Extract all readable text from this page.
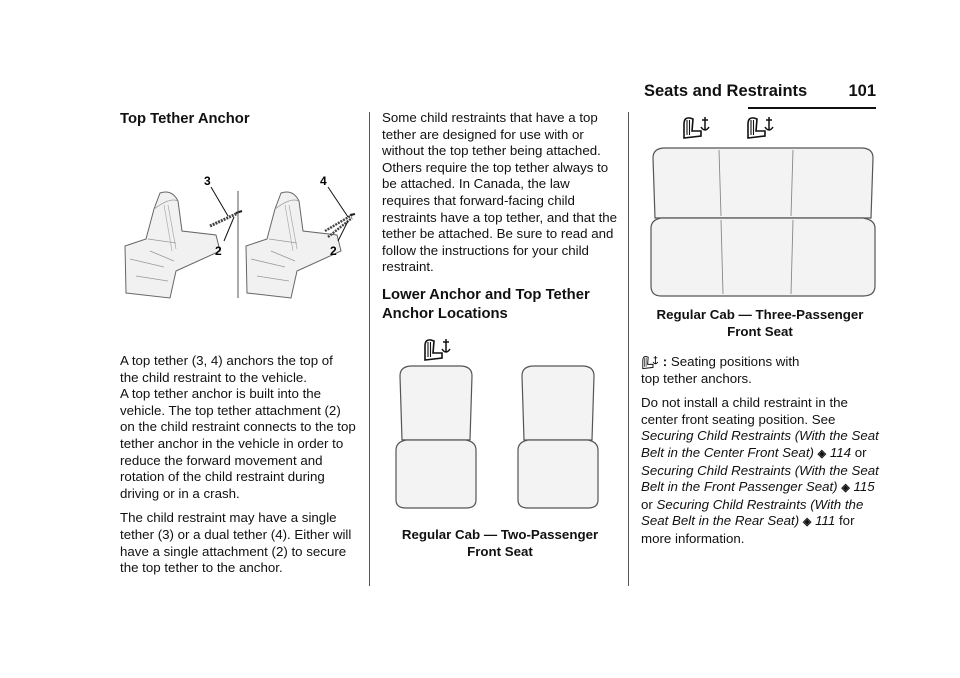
Seats and Restraints 101
Top Tether Anchor
3
2
4
2

A top tether (3, 4) anchors the top of
the child restraint to the vehicle.

A top tether anchor is built into the vehicle. The top tether attachment (2) on the child restraint connects to the top tether anchor in the vehicle in order to reduce the forward movement and rotation of the child restraint during driving or in a crash.

The child restraint may have a single tether (3) or a dual tether (4). Either will have a single attachment (2) to secure the top tether to the anchor.

Some child restraints that have a top tether are designed for use with or without the top tether being attached. Others require the top tether always to be attached. In Canada, the law requires that forward-facing child restraints have a top tether, and that the tether be attached. Be sure to read and follow the instructions for your child restraint.

Lower Anchor and Top Tether Anchor Locations

Regular Cab — Two-Passenger
Front Seat

Regular Cab — Three-Passenger
Front Seat

: Seating positions with
top tether anchors.

Do not install a child restraint in the center front seating position. See Securing Child Restraints (With the Seat Belt in the Center Front Seat) ◈ 114 or Securing Child Restraints (With the Seat Belt in the Front Passenger Seat) ◈ 115 or Securing Child Restraints (With the Seat Belt in the Rear Seat) ◈ 111 for more information.
